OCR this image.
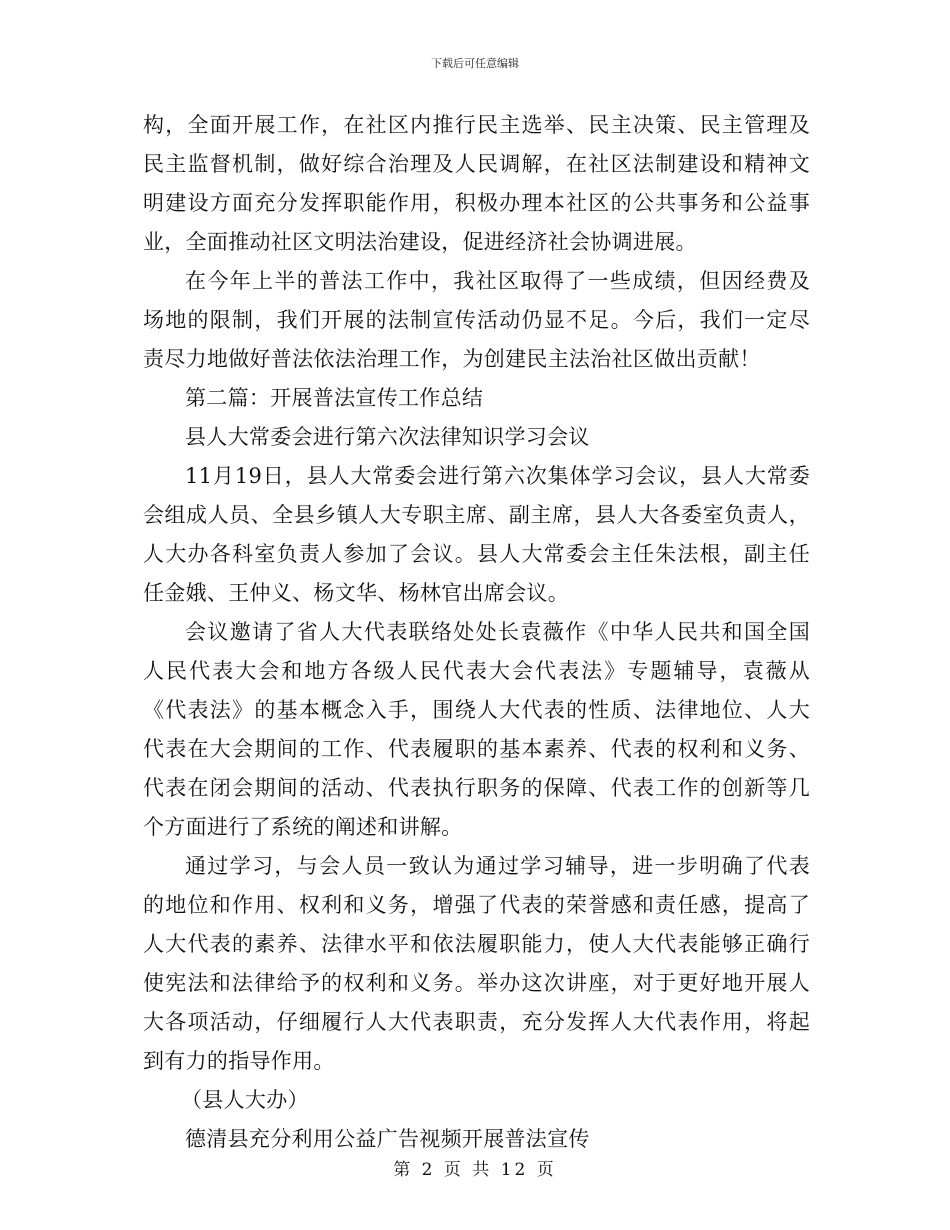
下载后可任意编辑
构，全面开展工作，在社区内推行民主选举、民主决策、民主管理及
民主监督机制，做好综合治理及人民调解，在社区法制建设和精神文
明建设方面充分发挥职能作用，积极办理本社区的公共事务和公益事
业，全面推动社区文明法治建设，促进经济社会协调进展。
在今年上半的普法工作中，我社区取得了一些成绩，但因经费及
场地的限制，我们开展的法制宣传活动仍显不足。今后，我们一定尽
责尽力地做好普法依法治理工作，为创建民主法治社区做出贡献！
第二篇：开展普法宣传工作总结
县人大常委会进行第六次法律知识学习会议
11月19日，县人大常委会进行第六次集体学习会议，县人大常委
会组成人员、全县乡镇人大专职主席、副主席，县人大各委室负责人，
人大办各科室负责人参加了会议。县人大常委会主任朱法根，副主任
任金娥、王仲义、杨文华、杨林官出席会议。
会议邀请了省人大代表联络处处长袁薇作《中华人民共和国全国
人民代表大会和地方各级人民代表大会代表法》专题辅导，袁薇从
《代表法》的基本概念入手，围绕人大代表的性质、法律地位、人大
代表在大会期间的工作、代表履职的基本素养、代表的权利和义务、
代表在闭会期间的活动、代表执行职务的保障、代表工作的创新等几
个方面进行了系统的阐述和讲解。
通过学习，与会人员一致认为通过学习辅导，进一步明确了代表
的地位和作用、权利和义务，增强了代表的荣誉感和责任感，提高了
人大代表的素养、法律水平和依法履职能力，使人大代表能够正确行
使宪法和法律给予的权利和义务。举办这次讲座，对于更好地开展人
大各项活动，仔细履行人大代表职责，充分发挥人大代表作用，将起
到有力的指导作用。
（县人大办）
德清县充分利用公益广告视频开展普法宣传
第 2 页 共 12 页
